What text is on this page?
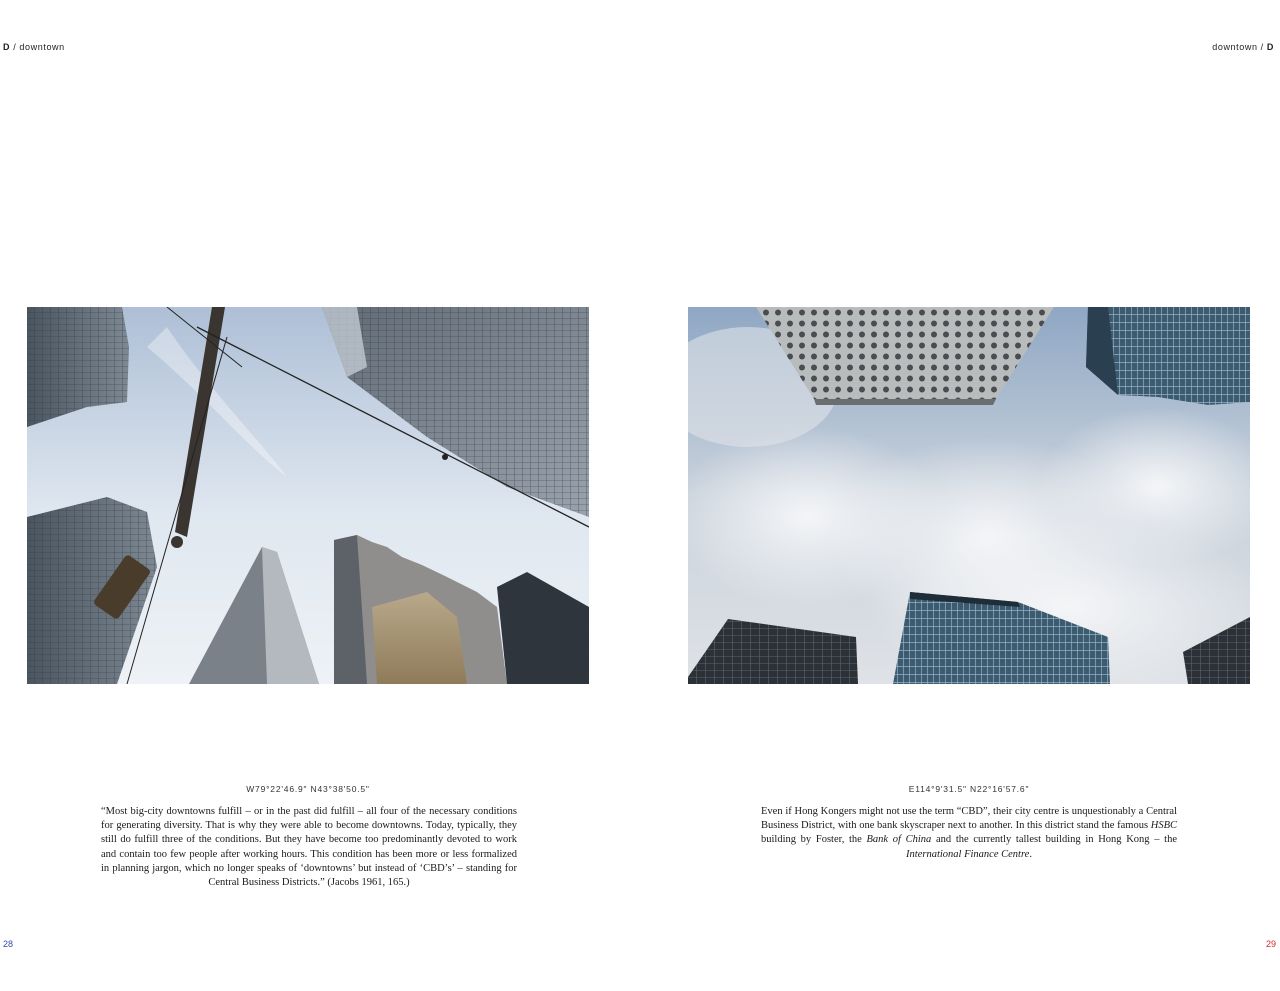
D / downtown
W79°22'46.9" N43°38'50.5"
“Most big-city downtowns fulfill – or in the past did fulfill – all four of the necessary conditions for generating diversity. That is why they were able to become downtowns. Today, typically, they still do fulfill three of the conditions. But they have become too predominantly devoted to work and contain too few people after working hours. This condition has been more or less formalized in planning jargon, which no longer speaks of ‘downtowns’ but instead of ‘CBD’s’ – standing for Central Business Districts.” (Jacobs 1961, 165.)
28
downtown / D
E114°9'31.5" N22°16'57.6"
Even if Hong Kongers might not use the term “CBD”, their city centre is unquestionably a Central Business District, with one bank skyscraper next to another. In this district stand the famous HSBC building by Foster, the Bank of China and the currently tallest building in Hong Kong – the International Finance Centre.
29
